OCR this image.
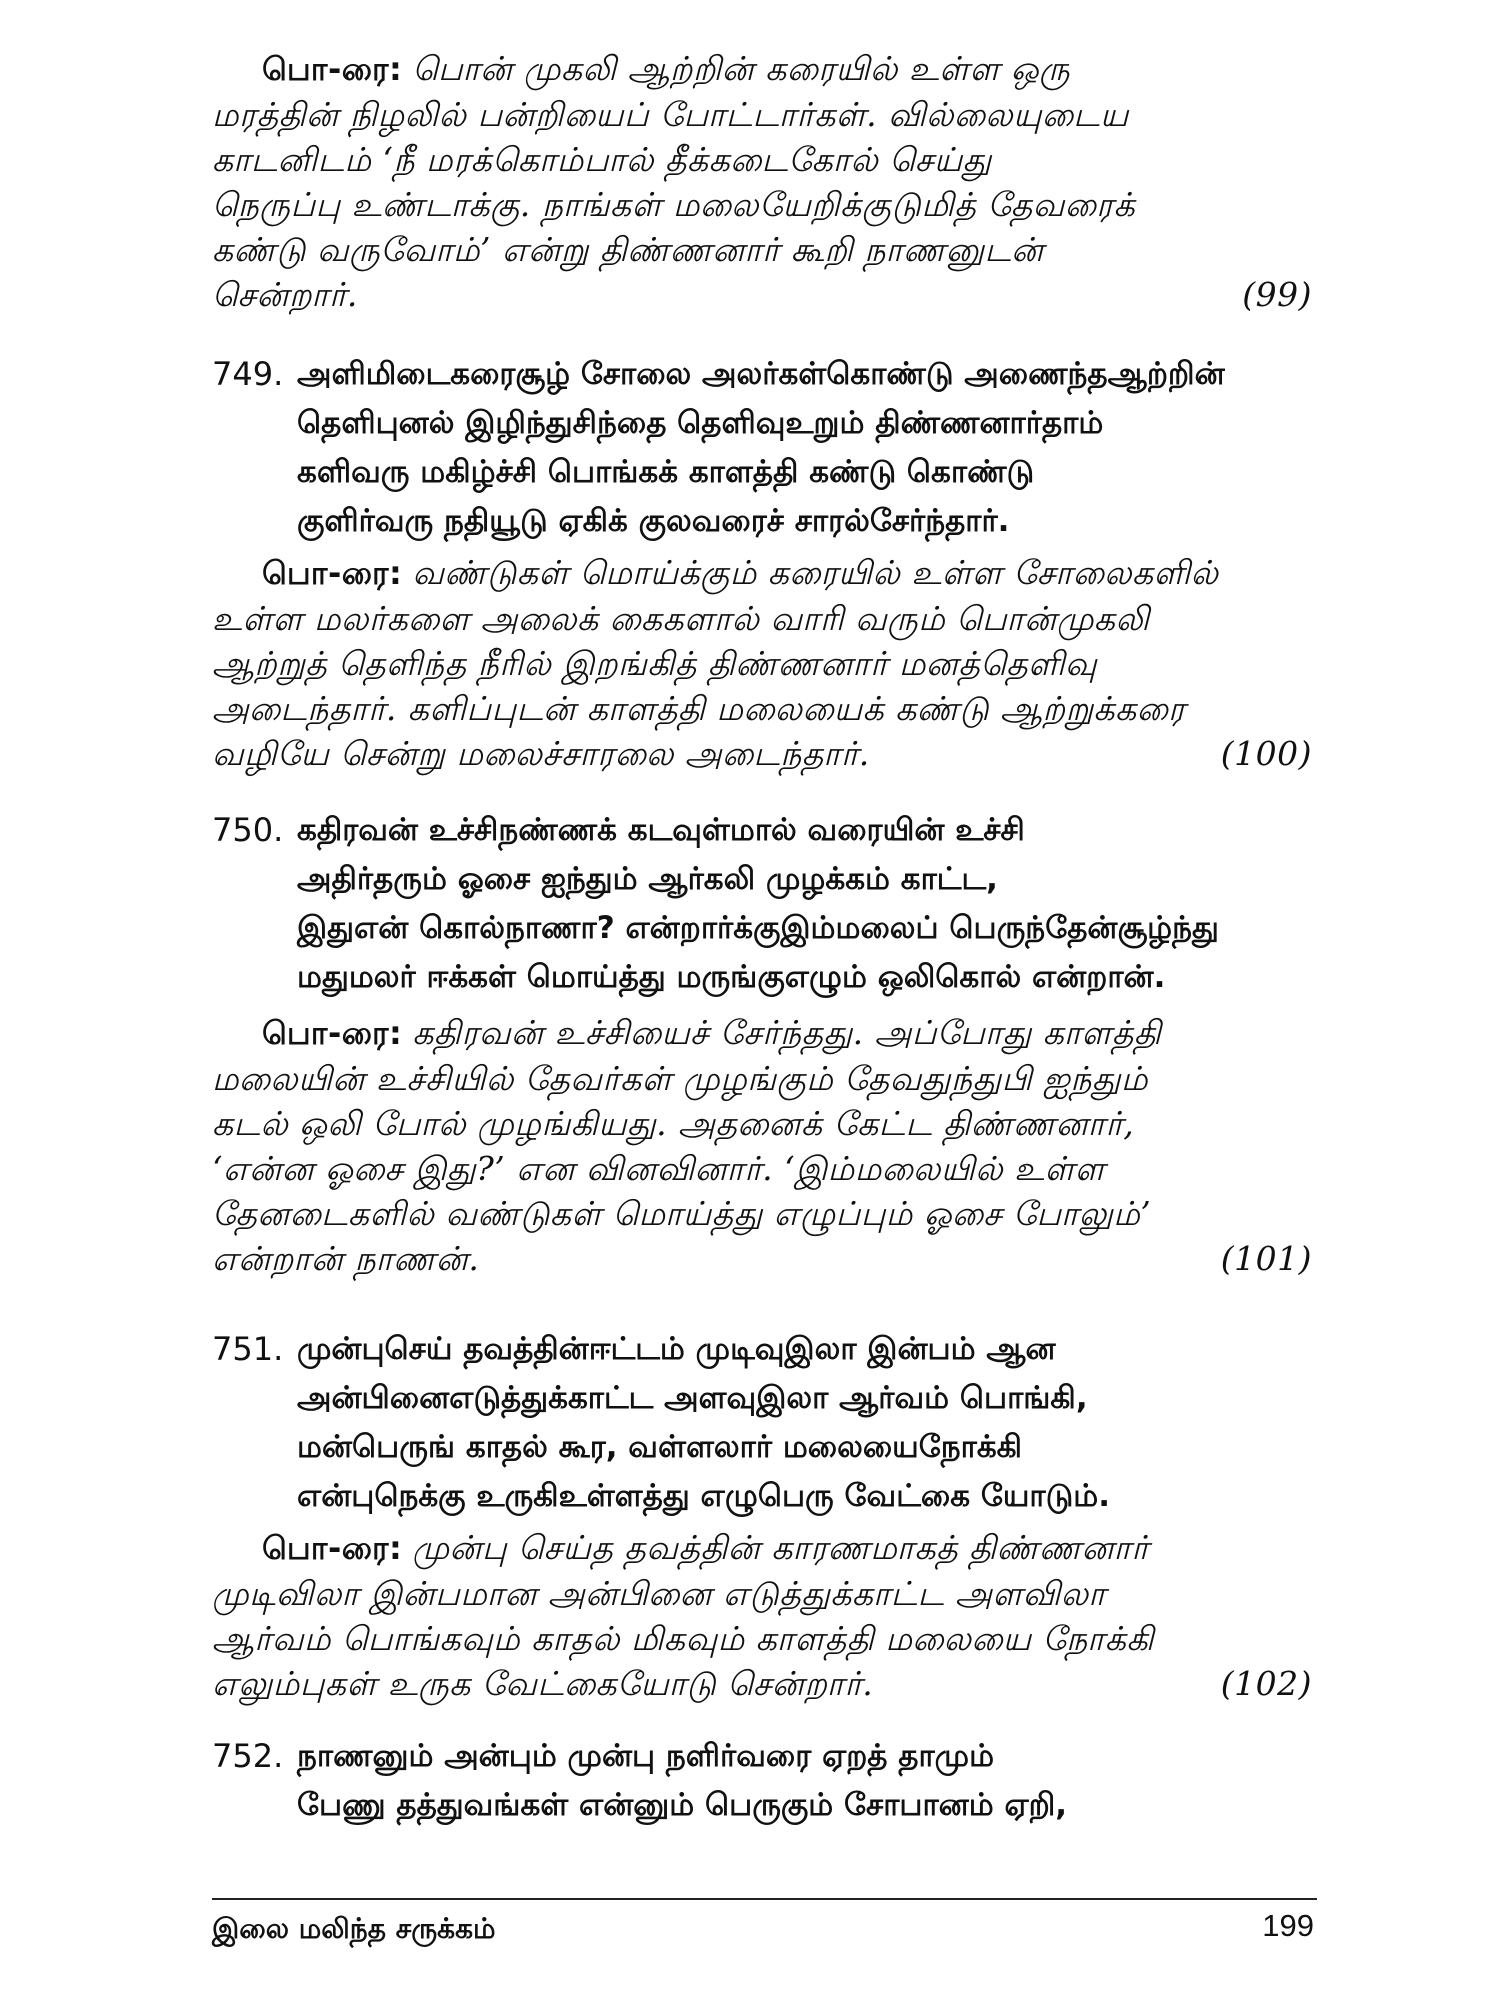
பொ-ரை: பொன் முகலி ஆற்றின் கரையில் உள்ள ஒரு
மரத்தின் நிழலில் பன்றியைப் போட்டார்கள். வில்லையுடைய
காடனிடம் ‘நீ மரக்கொம்பால் தீக்கடைகோல் செய்து
நெருப்பு உண்டாக்கு. நாங்கள் மலையேறிக்குடுமித் தேவரைக்
கண்டு வருவோம்’ என்று திண்ணனார் கூறி நாணனுடன்
சென்றார்.	(99)
749. அளிமிடைகரைசூழ் சோலை அலர்கள்கொண்டு அணைந்தஆற்றின்
தெளிபுனல் இழிந்துசிந்தை தெளிவுஉறும் திண்ணனார்தாம்
களிவரு மகிழ்ச்சி பொங்கக் காளத்தி கண்டு கொண்டு
குளிர்வரு நதியூடு ஏகிக் குலவரைச் சாரல்சேர்ந்தார்.
பொ-ரை: வண்டுகள் மொய்க்கும் கரையில் உள்ள சோலைகளில்
உள்ள மலர்களை அலைக் கைகளால் வாரி வரும் பொன்முகலி
ஆற்றுத் தெளிந்த நீரில் இறங்கித் திண்ணனார் மனத்தெளிவு
அடைந்தார். களிப்புடன் காளத்தி மலையைக் கண்டு ஆற்றுக்கரை
வழியே சென்று மலைச்சாரலை அடைந்தார்.	(100)
750. கதிரவன் உச்சிநண்ணக் கடவுள்மால் வரையின் உச்சி
அதிர்தரும் ஓசை ஐந்தும் ஆர்கலி முழக்கம் காட்ட,
இதுஎன் கொல்நாணா? என்றார்க்குஇம்மலைப் பெருந்தேன்சூழ்ந்து
மதுமலர் ஈக்கள் மொய்த்து மருங்குஎழும் ஒலிகொல் என்றான்.
பொ-ரை: கதிரவன் உச்சியைச் சேர்ந்தது. அப்போது காளத்தி
மலையின் உச்சியில் தேவர்கள் முழங்கும் தேவதுந்துபி ஐந்தும்
கடல் ஒலி போல் முழங்கியது. அதனைக் கேட்ட திண்ணனார்,
‘என்ன ஓசை இது?’ என வினவினார். ‘இம்மலையில் உள்ள
தேனடைகளில் வண்டுகள் மொய்த்து எழுப்பும் ஓசை போலும்’
என்றான் நாணன்.	(101)
751. முன்புசெய் தவத்தின்ஈட்டம் முடிவுஇலா இன்பம் ஆன
அன்பினைஎடுத்துக்காட்ட அளவுஇலா ஆர்வம் பொங்கி,
மன்பெருங் காதல் கூர, வள்ளலார் மலையைநோக்கி
என்புநெக்கு உருகிஉள்ளத்து எழுபெரு வேட்கை யோடும்.
பொ-ரை: முன்பு செய்த தவத்தின் காரணமாகத் திண்ணனார்
முடிவிலா இன்பமான அன்பினை எடுத்துக்காட்ட அளவிலா
ஆர்வம் பொங்கவும் காதல் மிகவும் காளத்தி மலையை நோக்கி
எலும்புகள் உருக வேட்கையோடு சென்றார்.	(102)
752. நாணனும் அன்பும் முன்பு நளிர்வரை ஏறத் தாமும்
பேணு தத்துவங்கள் என்னும் பெருகும் சோபானம் ஏறி,
இலை மலிந்த சருக்கம்	199
